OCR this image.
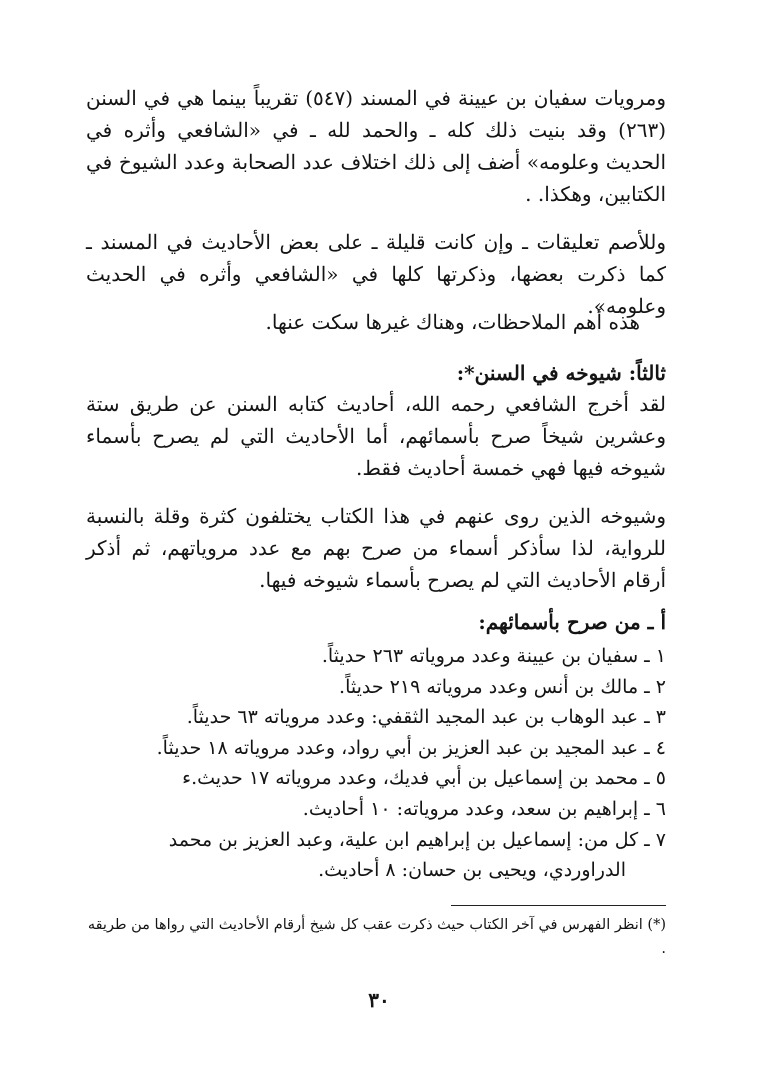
ومرويات سفيان بن عيينة في المسند (٥٤٧) تقريباً بينما هي في السنن (٢٦٣) وقد بنيت ذلك كله ـ والحمد لله ـ في «الشافعي وأثره في الحديث وعلومه» أضف إلى ذلك اختلاف عدد الصحابة وعدد الشيوخ في الكتابين، وهكذا. .

وللأصم تعليقات ـ وإن كانت قليلة ـ على بعض الأحاديث في المسند ـ كما ذكرت بعضها، وذكرتها كلها في «الشافعي وأثره في الحديث وعلومه».

هذه أهم الملاحظات، وهناك غيرها سكت عنها.

ثالثاً: شيوخه في السنن*:

لقد أخرج الشافعي رحمه الله، أحاديث كتابه السنن عن طريق ستة وعشرين شيخاً صرح بأسمائهم، أما الأحاديث التي لم يصرح بأسماء شيوخه فيها فهي خمسة أحاديث فقط.

وشيوخه الذين روى عنهم في هذا الكتاب يختلفون كثرة وقلة بالنسبة للرواية، لذا سأذكر أسماء من صرح بهم مع عدد مروياتهم، ثم أذكر أرقام الأحاديث التي لم يصرح بأسماء شيوخه فيها.

أ ـ من صرح بأسمائهم:
١ ـ سفيان بن عيينة وعدد مروياته ٢٦٣ حديثاً.
٢ ـ مالك بن أنس وعدد مروياته ٢١٩ حديثاً.
٣ ـ عبد الوهاب بن عبد المجيد الثقفي: وعدد مروياته ٦٣ حديثاً.
٤ ـ عبد المجيد بن عبد العزيز بن أبي رواد، وعدد مروياته ١٨ حديثاً.
٥ ـ محمد بن إسماعيل بن أبي فديك، وعدد مروياته ١٧ حديث.ء
٦ ـ إبراهيم بن سعد، وعدد مروياته: ١٠ أحاديث.
٧ ـ كل من: إسماعيل بن إبراهيم ابن علية، وعبد العزيز بن محمد
الدراوردي، ويحيى بن حسان: ٨ أحاديث.

(*) انظر الفهرس في آخر الكتاب حيث ذكرت عقب كل شيخ أرقام الأحاديث التي رواها من طريقه .

٣٠
